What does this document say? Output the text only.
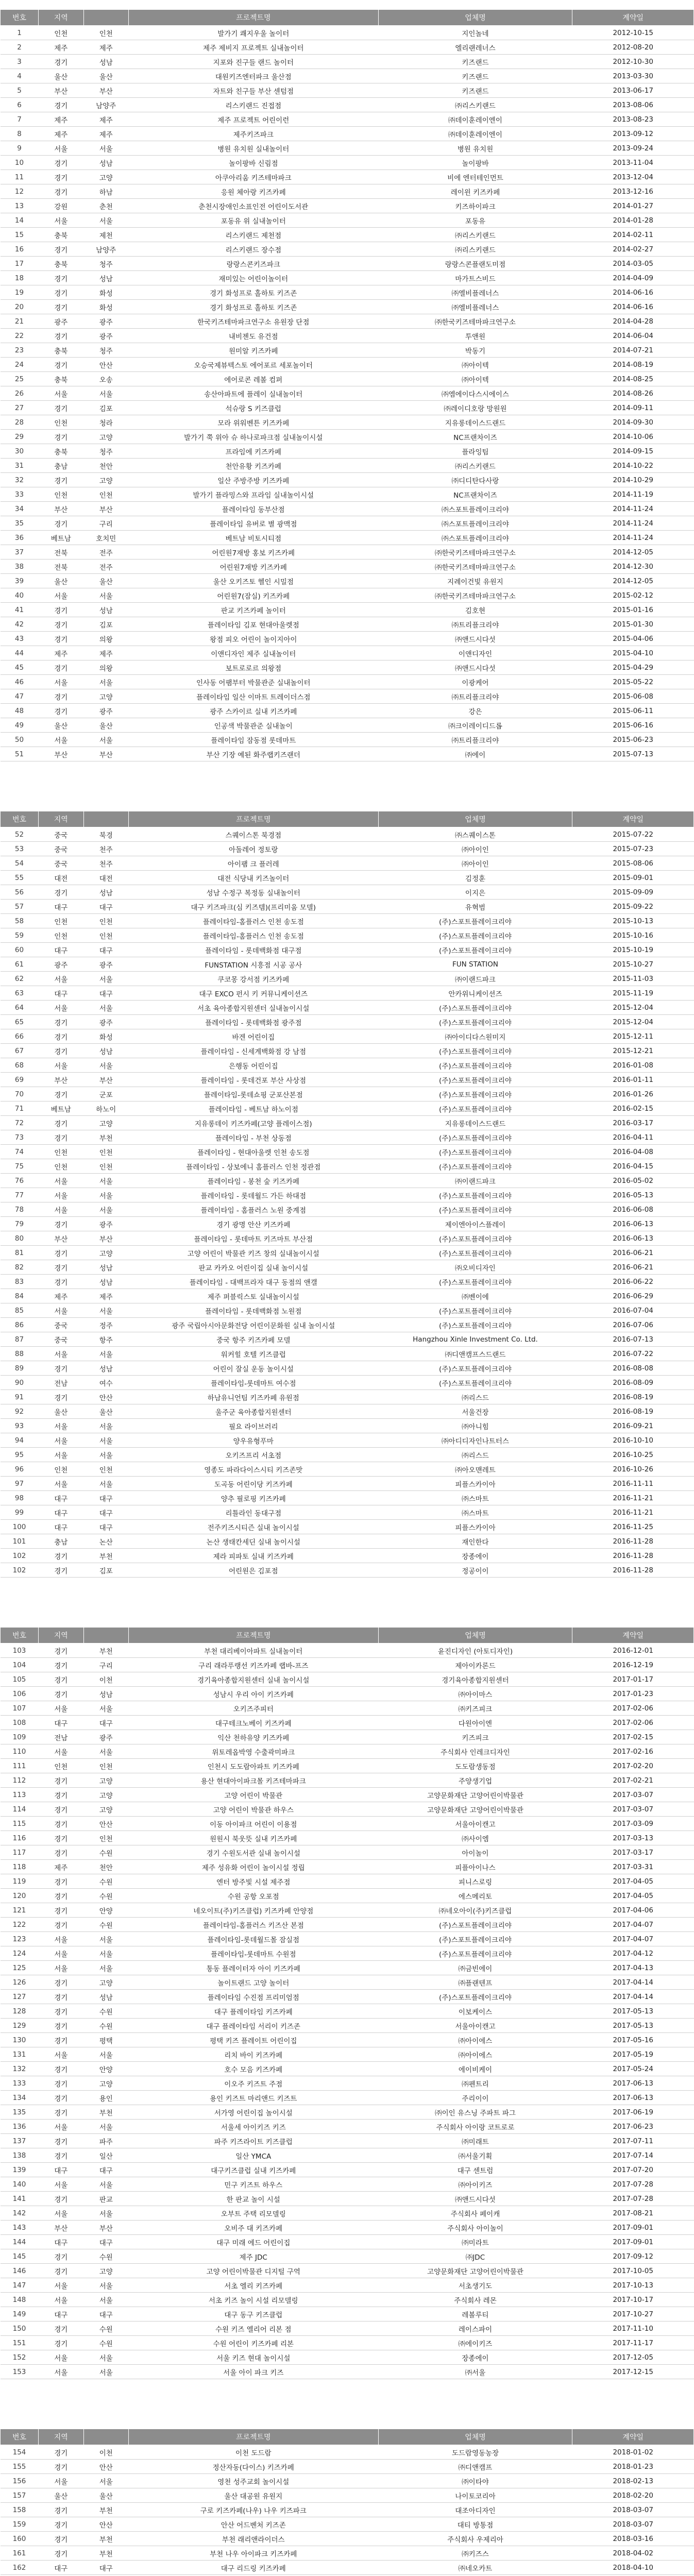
번호	지역		프로젝트명	업체명	계약일
1	인천	인천	발가기 쾌지우울 놀이터	지인놀네	2012-10-15
2	제주	제주	제주 제비지 프로젝트 실내놀이터	엘리랜레너스	2012-08-20
3	경기	성남	지포와 진구들 랜드 놀이터	키즈랜드	2012-10-30
4	울산	울산	대원키즈엔터파크 울산점	키즈랜드	2013-03-30
5	부산	부산	자트와 친구들 부산 센텀점	키즈랜드	2013-06-17
6	경기	남양주	리스키랜드 진접점	㈜리스키랜드	2013-08-06
7	제주	제주	제주 프로젝트 어린이런	㈜데이훈레이엔이	2013-08-23
8	제주	제주	제주키즈파크	㈜데이훈레이엔이	2013-09-12
9	서울	서울	병원 유치원 실내놀이터	병원 유치원	2013-09-24
10	경기	성남	놀이팡바 신림점	놀이팡바	2013-11-04
11	경기	고양	아쿠아리움 키즈테마파크	비에 엔터테인먼트	2013-12-04
12	경기	하남	응원 체아랑 키즈카페	레이윈 키즈카페	2013-12-16
13	강원	춘천	춘천시장애인소표인전 어린이도서관	키즈하이파크	2014-01-27
14	서울	서울	포동유 위 실내놀이터	포동유	2014-01-28
15	충북	제천	리스키랜드 제천점	㈜리스키랜드	2014-02-11
16	경기	남양주	리스키랜드 장수점	㈜리스키랜드	2014-02-27
17	충북	청주	랑랑스콘키즈파크	랑랑스콘플랜도미점	2014-03-05
18	경기	성남	재미있는 어린이놀이터	마가트스비드	2014-04-09
19	경기	화성	경기 화성프로 홀하토 키즈존	㈜엘비플레너스	2014-06-16
20	경기	화성	경기 화성프로 홀하토 키즈존	㈜엘비플레너스	2014-06-16
21	광주	광주	한국키즈테마파크연구소 유원장 단점	㈜한국키즈테마파크연구소	2014-04-28
22	경기	광주	내비젠도 유건점	투앤원	2014-06-04
23	충북	청주	원미알 키즈카페	박동기	2014-07-21
24	경기	안산	오승국제뷰텍스토 에어포르 세포놀이터	㈜아이텍	2014-08-19
25	충북	오송	에어로콘 레볼 컴퍼	㈜아이텍	2014-08-25
26	서울	서울	송산아파트에 플레이 실내놀이터	㈜엠에이다스시에이스	2014-08-26
27	경기	김포	석슈랑 S 키즈클럽	㈜레이디호랑 망원원	2014-09-11
28	인천	청라	모라 위워벤튼 키즈카페	지유롱데이스드랜드	2014-09-30
29	경기	고양	발가기 쭉 위아 슈 하나로파크점 실내놀이시설	NC프랜차이즈	2014-10-06
30	충북	청주	프라임에 키즈카페	플라잉팀	2014-09-15
31	충남	천안	천안유황 키즈카페	㈜리스키랜드	2014-10-22
32	경기	고양	일산 주방주방 키즈카페	㈜디디탄다사랑	2014-10-29
33	인천	인천	발가기 플라밍스와 프라임 실내놀이시설	NC프랜차이즈	2014-11-19
34	부산	부산	플레이타임 동부산점	㈜스포트플레이크리야	2014-11-24
35	경기	구리	플레이타임 유버로 별 광맥점	㈜스포트플레이크리야	2014-11-24
36	베트남	호치민	베트남 비토시티점	㈜스포트플레이크리야	2014-11-24
37	전북	전주	어린원7재방 홍보 키즈카페	㈜한국키즈테마파크연구소	2014-12-05
38	전북	전주	어린원7재방 키즈카페	㈜한국키즈테마파크연구소	2014-12-30
39	울산	울산	울산 오키즈토 헬인 시밀점	지례이건빛 유원지	2014-12-05
40	서울	서울	어린원7(잠실) 키즈카페	㈜한국키즈테마파크연구소	2015-02-12
41	경기	성남	판교 키즈카페 놀이터	김호현	2015-01-16
42	경기	김포	플레이타임 김포 현대아울렛점	㈜트리플크리야	2015-01-30
43	경기	의왕	왕점 피오 어린이 놀이지아이	㈜앤드시다섯	2015-04-06
44	제주	제주	이앤디자인 제주 실내놀이터	이앤디자인	2015-04-10
45	경기	의왕	보트로로르 의왕점	㈜앤드시다섯	2015-04-29
46	서울	서울	인사동 어팸부터 박물관준 실내놀이터	이광케어	2015-05-22
47	경기	고양	플레이타임 일산 이마트 트레이더스점	㈜트리플크리야	2015-06-08
48	경기	광주	광주 스카이르 실내 키즈카페	강은	2015-06-11
49	울산	울산	인공색 박물관준 실내놀이	㈜크이레이디드롭	2015-06-16
50	서울	서울	플레이타임 잠동점 롯데마트	㈜트리플크리야	2015-06-23
51	부산	부산	부산 기장 예된 화주랩키즈랜더	㈜에이	2015-07-13
번호	지역		프로젝트명	업체명	계약일
52	중국	북경	스퀘이스톤 북경점	㈜스퀘이스톤	2015-07-22
53	중국	천주	아돌레어 정토랑	㈜아이인	2015-07-23
54	중국	천주	아이팸 크 플러레	㈜아이인	2015-08-06
55	대전	대전	대전 식당내 키즈놀이터	김정훈	2015-09-01
56	경기	성남	성남 수정구 복정동 실내놀이터	이지은	2015-09-09
57	대구	대구	대구 키즈파크(심 키즈템)(프리미움 모델)	유혁범	2015-09-22
58	인천	인천	플레이타임-홈플러스 인천 송도점	(주)스포트플레이크리야	2015-10-13
59	인천	인천	플레이타임-홈플러스 인천 송도점	(주)스포트플레이크리야	2015-10-16
60	대구	대구	플레이타임 - 롯데백화점 대구점	(주)스포트플레이크리야	2015-10-19
61	광주	광주	FUNSTATION 시흥점 시공 공사	FUN STATION	2015-10-27
62	서울	서울	쿠코몽 강서점 키즈카페	㈜이랜드파크	2015-11-03
63	대구	대구	대구 EXCO 펀시 키 커뮤니케이션즈	안카위니케이션즈	2015-11-19
64	서울	서울	서초 육아종합지원센터 실내놀이시설	(주)스포트플레이크리야	2015-12-04
65	경기	광주	플레이타임 - 롯데백화점 광주점	(주)스포트플레이크리야	2015-12-04
66	경기	화성	바겐 어린이집	㈜아이디다스원미지	2015-12-11
67	경기	성남	플레이타임 - 신세계백화점 강 남점	(주)스포트플레이크리야	2015-12-21
68	서울	서울	은행동 어린이집	(주)스포트플레이크리야	2016-01-08
69	부산	부산	플레이타임 - 롯데건포 부산 사상점	(주)스포트플레이크리야	2016-01-11
70	경기	군포	플레이타임-롯데쇼핑 군포산본점	(주)스포트플레이크리야	2016-01-26
71	베트남	하노이	플레이타임 - 베트남 하노이점	(주)스포트플레이크리야	2016-02-15
72	경기	고양	지유롱데이 키즈카페(고양 플레이스점)	지유롱데이스드랜드	2016-03-17
73	경기	부천	플레이타임 - 부천 상동점	(주)스포트플레이크리야	2016-04-11
74	인천	인천	플레이타임 - 현대아울렛 인천 송도점	(주)스포트플레이크리야	2016-04-08
75	인천	인천	플레이타임 - 상보에니 홈플러스 인천 정관점	(주)스포트플레이크리야	2016-04-15
76	서울	서울	플레이타임 - 봉천 숲 키즈카페	㈜이랜드파크	2016-05-02
77	서울	서울	플레이타임 - 롯데월드 가든 하대점	(주)스포트플레이크리야	2016-05-13
78	서울	서울	플레이타임 - 홈플러스 노원 중계점	(주)스포트플레이크리야	2016-06-08
79	경기	광주	경기 광명 안산 키즈카페	제이엔아이스플레이	2016-06-13
80	부산	부산	플레이타임 - 롯데마트 키즈마트 부산점	(주)스포트플레이크리야	2016-06-13
81	경기	고양	고양 어린이 박물관 키즈 창의 실내놀이시설	(주)스포트플레이크리야	2016-06-21
82	경기	성남	판교 카카오 어린이집 실내 놀이시설	㈜오비디자인	2016-06-21
83	경기	성남	플레이타임 - 대백프라자 대구 동점의 앤갤	(주)스포트플레이크리야	2016-06-22
84	제주	제주	제주 퍼블릭스토 실내놀이시설	㈜벤이에	2016-06-29
85	서울	서울	플레이타임 - 롯데백화점 노원점	(주)스포트플레이크리야	2016-07-04
86	중국	정주	광주 국립아시아문화전당 어린이문화원 실내 놀이시설	(주)스포트플레이크리야	2016-07-06
87	중국	항주	중국 항주 키즈카페 모델	Hangzhou Xinle Investment Co. Ltd.	2016-07-13
88	서울	서울	워커힐 호텔 키즈클럽	㈜디앤캠프스드랜드	2016-07-22
89	경기	성남	어린이 잘실 운동 놀이시설	(주)스포트플레이크리야	2016-08-08
90	전남	여수	플레이타임-롯데마트 여수점	(주)스포트플레이크리야	2016-08-09
91	경기	안산	하남유니언팀 키즈카페 유원점	㈜리스드	2016-08-19
92	울산	울산	울주군 육아종합지원센터	서울건장	2016-08-19
93	서울	서울	필요 라이브러리	㈜아니힘	2016-09-21
94	서울	서울	양우유형푸마	㈜아디디자인나트터스	2016-10-10
95	서울	서울	오키즈프리 서초점	㈜리스드	2016-10-25
96	인천	인천	영종도 파라다이스시티 키즈존맛	㈜아오맨레트	2016-10-26
97	서울	서울	도곡동 어린이당 키즈카페	피플스카이아	2016-11-11
98	대구	대구	양추 필로핑 키즈카페	㈜스마트	2016-11-21
99	대구	대구	리틀라인 동대구점	㈜스마트	2016-11-21
100	대구	대구	전주키즈시티즌 실내 놀이시설	피플스카이아	2016-11-25
101	충남	논산	논산 생태칸세딘 실내 놀이시설	재인한다	2016-11-28
102	경기	부천	제라 피파토 실내 키즈카페	장종에이	2016-11-28
102	경기	김포	어린원은 김포점	정공이이	2016-11-28
번호	지역		프로젝트명	업체명	계약일
103	경기	부천	부천 대리베이아파트 실내놀이터	윤진디자인 (아토디자인)	2016-12-01
104	경기	구리	구리 래라푸랭선 키즈카페 랩바-프즈	제아이카론드	2016-12-19
105	경기	이천	경기육아종합지원센터 실내 놀이시설	경기육아종합지원센터	2017-01-17
106	경기	성남	성남시 우리 아이 키즈카페	㈜아이마스	2017-01-23
107	서울	서울	오키즈주피터	㈜키즈피크	2017-02-06
108	대구	대구	대구테크노베이 키즈카페	다원아이엔	2017-02-06
109	전남	광주	익산 천하유양 키즈카페	키즈피크	2017-02-15
110	서울	서울	위토레옵박영 수출곽미파크	주식회사 인레크디자인	2017-02-16
111	인천	인천	인천시 도도람아파트 키즈카페	도도람생동점	2017-02-20
112	경기	고양	용산 현대아이파크몰 키즈테마파크	주양생기업	2017-02-21
113	경기	고양	고양 어린이 박물관	고양문화재단 고양어린이박물관	2017-03-07
114	경기	고양	고양 어린이 박물관 하우스	고양문화재단 고양어린이박물관	2017-03-07
115	경기	안산	이동 아이파크 어린이 이용점	서울아이캔고	2017-03-09
116	경기	인천	원원시 북웃뜻 실내 키즈카페	㈜사이엠	2017-03-13
117	경기	수원	경기 수원도서관 실내 놀이시설	아이놀이	2017-03-17
118	제주	천안	제주 성유화 어린이 놀이시설 정립	피플아이나스	2017-03-31
119	경기	수원	엔터 방주빛 시설 제주점	피니스로링	2017-04-05
120	경기	수원	수원 공항 오포점	에스메리토	2017-04-05
121	경기	안양	네오이트(주)키즈클럽) 키즈카페 안양점	㈜네오아이(주)키즈클럽	2017-04-06
122	경기	수원	플레이타임-홈플러스 키즈산 본점	(주)스포트플레이크리야	2017-04-07
123	서울	서울	플레이타임-롯데월드몰 잠실점	(주)스포트플레이크리야	2017-04-07
124	서울	서울	플레이타임-롯데마트 수원점	(주)스포트플레이크리야	2017-04-12
125	서울	서울	통동 플레이터자 아이 키즈카페	㈜금빈에이	2017-04-13
126	경기	고양	놀이트랜드 고양 놀이터	㈜플랜텐프	2017-04-14
127	경기	성남	플레이타임 수진점 프리미엄점	(주)스포트플레이크리야	2017-04-14
128	경기	수원	대구 플레이타임 키즈카페	이보케이스	2017-05-13
129	경기	수원	대구 플레이타임 서리이 키즈존	서울아이캔고	2017-05-13
130	경기	평택	평택 키즈 플레이트 어린이집	㈜아이에스	2017-05-16
131	서울	서울	리치 바이 키즈카페	㈜아이에스	2017-05-19
132	경기	안양	호수 모음 키즈카페	에이비케이	2017-05-24
133	경기	고양	이오주 키즈트 주점	㈜펜트리	2017-06-13
134	경기	용인	용인 키즈트 마리앤드 키즈트	주리이이	2017-06-13
135	경기	부천	서가영 어린이집 놀이시설	㈜이인 유스닝 주파트 파그	2017-06-19
136	서울	서울	서울세 아이키즈 키즈	주식회사 아이랑 코트로로	2017-06-23
137	경기	파주	파주 키즈라이트 키즈클럽	㈜미래트	2017-07-11
138	경기	일산	일산 YMCA	㈜서울기획	2017-07-14
139	대구	대구	대구키즈클럽 실내 키즈카페	대구 센트럼	2017-07-20
140	서울	서울	민구 키즈트 하우스	㈜아이키즈	2017-07-28
141	경기	판교	한 판교 놀이 시설	㈜앤드시다섯	2017-07-28
142	서울	서울	오부트 주택 리모델링	주식회사 페이캐	2017-08-21
143	부산	부산	오비주 대 키즈카페	주식회사 아이놀이	2017-09-01
144	대구	대구	대구 미래 에드 어린이집	㈜미라트	2017-09-01
145	경기	수원	제주 JDC	㈜JDC	2017-09-12
146	경기	고양	고양 어린이박물관 디지털 구역	고양문화재단 고양어린이박물관	2017-10-05
147	서울	서울	서초 엘리 키즈카페	서초생기도	2017-10-13
148	서울	서울	서초 키즈 놀이 시설 리모델링	주식회사 레몬	2017-10-17
149	대구	대구	대구 동구 키즈클럽	레볼루티	2017-10-27
150	경기	수원	수원 키즈 엘리어 리본 점	레이스파이	2017-11-10
151	경기	수원	수원 어린이 키즈카페 리본	㈜에이키즈	2017-11-17
152	서울	서울	서울 키즈 현대 놀이시설	장종에이	2017-12-05
153	서울	서울	서울 아이 파크 키즈	㈜서울	2017-12-15
번호	지역		프로젝트명	업체명	계약일
154	경기	이천	이천 도드람	도드람영동농장	2018-01-02
155	경기	안산	정산자동(다이스) 키즈카페	㈜디앤캠프	2018-01-23
156	서울	서울	영천 성주교회 놀이시설	㈜이타야	2018-02-13
157	울산	울산	울산 대공원 유원지	나이토코리아	2018-02-20
158	경기	부천	구로 키즈카페(나우) 나우 키즈파크	대조아디자인	2018-03-07
159	경기	안산	안산 어드벤처 키즈존	대티 방통점	2018-03-07
160	경기	부천	부천 래리앤라이더스	주식회사 우제리아	2018-03-16
161	경기	부천	부천 나우 아이파크 키즈카페	㈜키즈스	2018-04-02
162	대구	대구	대구 리드링 키즈카페	㈜네오카트	2018-04-10
